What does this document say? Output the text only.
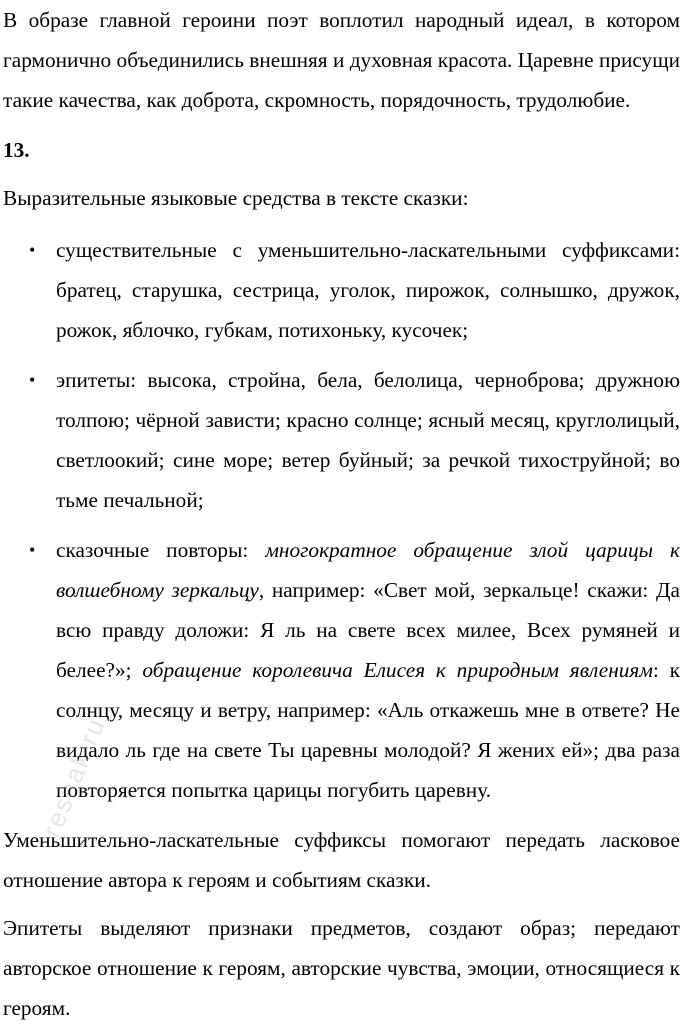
В образе главной героини поэт воплотил народный идеал, в котором гармонично объединились внешняя и духовная красота. Царевне присущи такие качества, как доброта, скромность, порядочность, трудолюбие.

13.

Выразительные языковые средства в тексте сказки:

• существительные с уменьшительно-ласкательными суффиксами: братец, старушка, сестрица, уголок, пирожок, солнышко, дружок, рожок, яблочко, губкам, потихоньку, кусочек;
• эпитеты: высока, стройна, бела, белолица, черноброва; дружною толпою; чёрной зависти; красно солнце; ясный месяц, круглолицый, светлоокий; сине море; ветер буйный; за речкой тихоструйной; во тьме печальной;
• сказочные повторы: многократное обращение злой царицы к волшебному зеркальцу, например: «Свет мой, зеркальце! скажи: Да всю правду доложи: Я ль на свете всех милее, Всех румяней и белее?»; обращение королевича Елисея к природным явлениям: к солнцу, месяцу и ветру, например: «Аль откажешь мне в ответе? Не видало ль где на свете Ты царевны молодой? Я жених ей»; два раза повторяется попытка царицы погубить царевну.

Уменьшительно-ласкательные суффиксы помогают передать ласковое отношение автора к героям и событиям сказки.

Эпитеты выделяют признаки предметов, создают образ; передают авторское отношение к героям, авторские чувства, эмоции, относящиеся к героям.

reshak.ru
